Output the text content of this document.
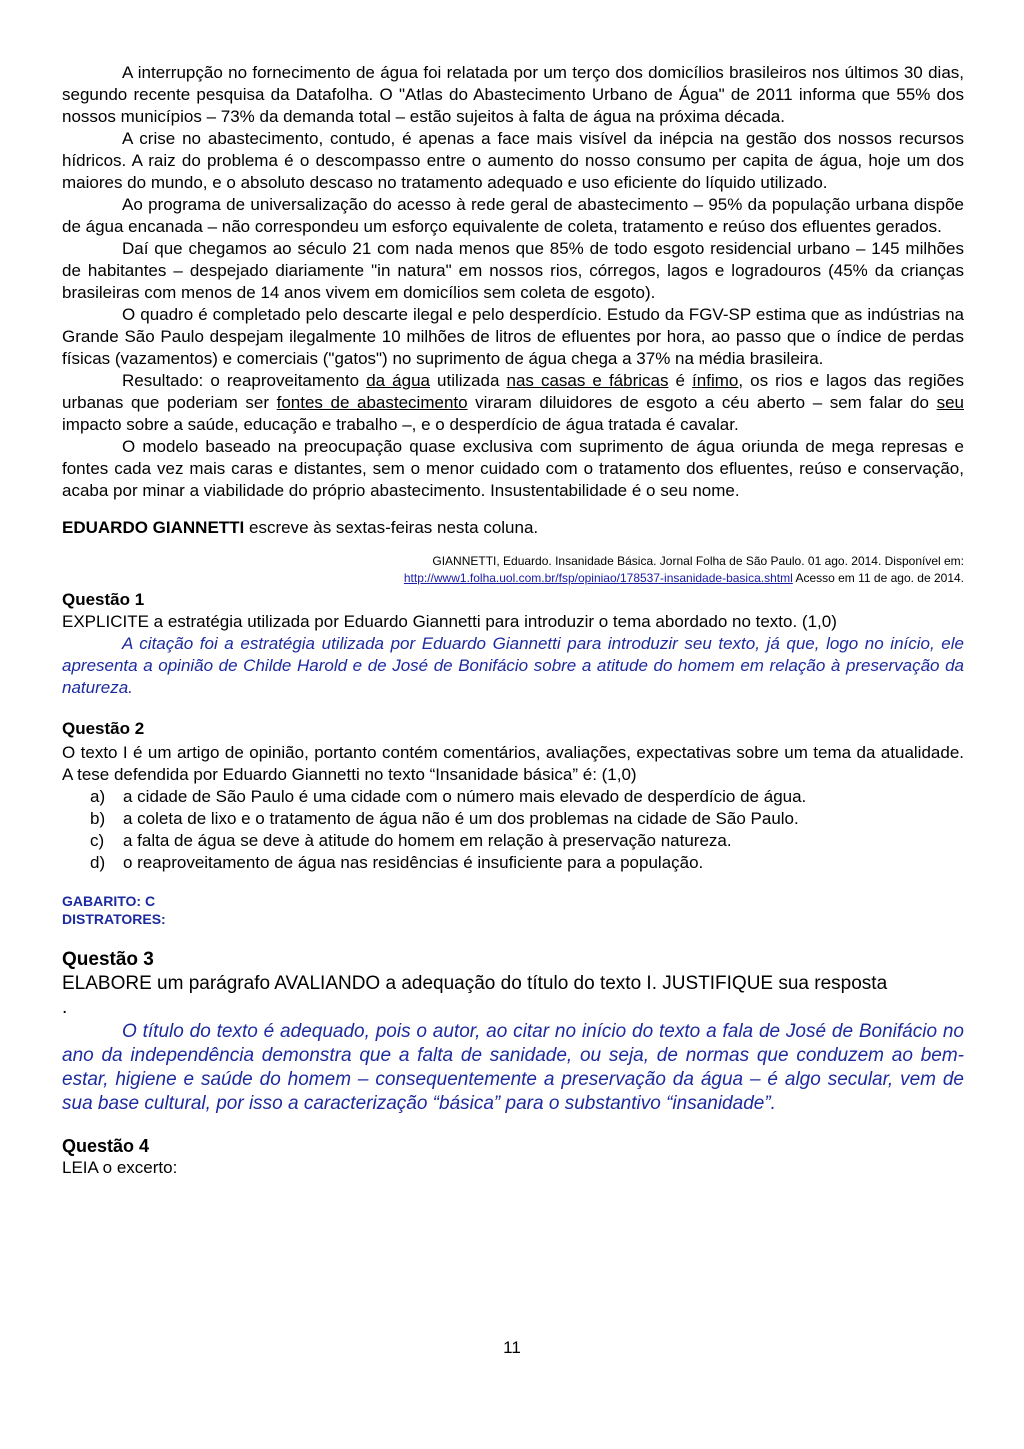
A interrupção no fornecimento de água foi relatada por um terço dos domicílios brasileiros nos últimos 30 dias, segundo recente pesquisa da Datafolha. O "Atlas do Abastecimento Urbano de Água" de 2011 informa que 55% dos nossos municípios – 73% da demanda total – estão sujeitos à falta de água na próxima década.

A crise no abastecimento, contudo, é apenas a face mais visível da inépcia na gestão dos nossos recursos hídricos. A raiz do problema é o descompasso entre o aumento do nosso consumo per capita de água, hoje um dos maiores do mundo, e o absoluto descaso no tratamento adequado e uso eficiente do líquido utilizado.

Ao programa de universalização do acesso à rede geral de abastecimento – 95% da população urbana dispõe de água encanada – não correspondeu um esforço equivalente de coleta, tratamento e reúso dos efluentes gerados.

Daí que chegamos ao século 21 com nada menos que 85% de todo esgoto residencial urbano – 145 milhões de habitantes – despejado diariamente "in natura" em nossos rios, córregos, lagos e logradouros (45% da crianças brasileiras com menos de 14 anos vivem em domicílios sem coleta de esgoto).

O quadro é completado pelo descarte ilegal e pelo desperdício. Estudo da FGV-SP estima que as indústrias na Grande São Paulo despejam ilegalmente 10 milhões de litros de efluentes por hora, ao passo que o índice de perdas físicas (vazamentos) e comerciais ("gatos") no suprimento de água chega a 37% na média brasileira.

Resultado: o reaproveitamento da água utilizada nas casas e fábricas é ínfimo, os rios e lagos das regiões urbanas que poderiam ser fontes de abastecimento viraram diluidores de esgoto a céu aberto – sem falar do seu impacto sobre a saúde, educação e trabalho –, e o desperdício de água tratada é cavalar.

O modelo baseado na preocupação quase exclusiva com suprimento de água oriunda de mega represas e fontes cada vez mais caras e distantes, sem o menor cuidado com o tratamento dos efluentes, reúso e conservação, acaba por minar a viabilidade do próprio abastecimento. Insustentabilidade é o seu nome.

EDUARDO GIANNETTI escreve às sextas-feiras nesta coluna.

GIANNETTI, Eduardo. Insanidade Básica. Jornal Folha de São Paulo. 01 ago. 2014. Disponível em:
http://www1.folha.uol.com.br/fsp/opiniao/178537-insanidade-basica.shtml Acesso em 11 de ago. de 2014.

Questão 1

EXPLICITE a estratégia utilizada por Eduardo Giannetti para introduzir o tema abordado no texto. (1,0)

A citação foi a estratégia utilizada por Eduardo Giannetti para introduzir seu texto, já que, logo no início, ele apresenta a opinião de Childe Harold e de José de Bonifácio sobre a atitude do homem em relação à preservação da natureza.

Questão 2

O texto I é um artigo de opinião, portanto contém comentários, avaliações, expectativas sobre um tema da atualidade. A tese defendida por Eduardo Giannetti no texto “Insanidade básica” é: (1,0)

a)	a cidade de São Paulo é uma cidade com o número mais elevado de desperdício de água.
b)	a coleta de lixo e o tratamento de água não é um dos problemas na cidade de São Paulo.
c)	a falta de água se deve à atitude do homem em relação à preservação natureza.
d)	o reaproveitamento de água nas residências é insuficiente para a população.

GABARITO: C

DISTRATORES:

Questão 3

ELABORE um parágrafo AVALIANDO a adequação do título do texto I. JUSTIFIQUE sua resposta .

O título do texto é adequado, pois o autor, ao citar no início do texto a fala de José de Bonifácio no ano da independência demonstra que a falta de sanidade, ou seja, de normas que conduzem ao bem-estar, higiene e saúde do homem – consequentemente a preservação da água – é algo secular, vem de sua base cultural, por isso a caracterização “básica” para o substantivo “insanidade”.

Questão 4

LEIA o excerto:

11
